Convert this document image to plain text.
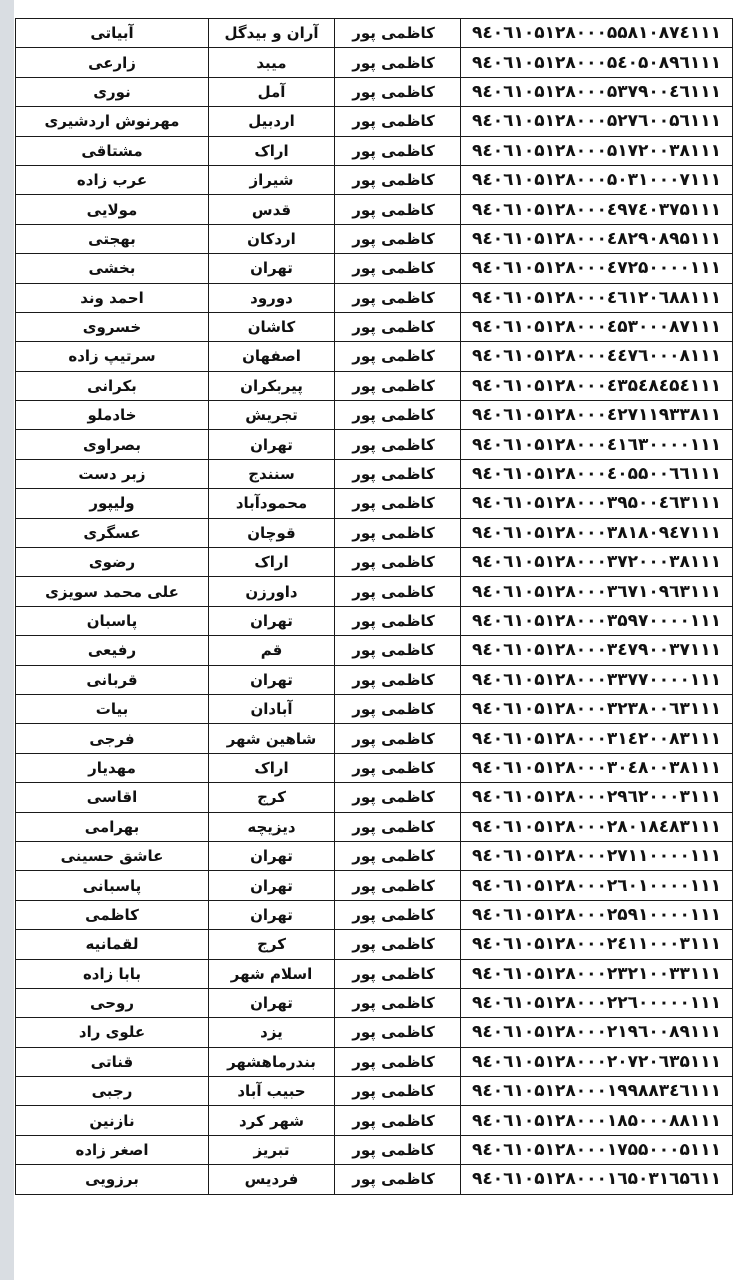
۹٤۰٦۱۰۵۱۲۸۰۰۰۵۵۸۱۰۸۷٤۱۱۱	کاظمی پور	آران و بیدگل	آبیاتی
۹٤۰٦۱۰۵۱۲۸۰۰۰۵٤۰۵۰۸۹٦۱۱۱	کاظمی پور	میبد	زارعی
۹٤۰٦۱۰۵۱۲۸۰۰۰۵۳۷۹۰۰٤٦۱۱۱	کاظمی پور	آمل	نوری
۹٤۰٦۱۰۵۱۲۸۰۰۰۵۲۷٦۰۰۵٦۱۱۱	کاظمی پور	اردبیل	مهرنوش اردشیری
۹٤۰٦۱۰۵۱۲۸۰۰۰۵۱۷۲۰۰۳۸۱۱۱	کاظمی پور	اراک	مشتاقی
۹٤۰٦۱۰۵۱۲۸۰۰۰۵۰۳۱۰۰۰۷۱۱۱	کاظمی پور	شیراز	عرب زاده
۹٤۰٦۱۰۵۱۲۸۰۰۰٤۹۷٤۰۳۷۵۱۱۱	کاظمی پور	قدس	مولایی
۹٤۰٦۱۰۵۱۲۸۰۰۰٤۸۲۹۰۸۹۵۱۱۱	کاظمی پور	اردکان	بهجتی
۹٤۰٦۱۰۵۱۲۸۰۰۰٤۷۲۵۰۰۰۰۱۱۱	کاظمی پور	تهران	بخشی
۹٤۰٦۱۰۵۱۲۸۰۰۰٤٦۱۲۰٦۸۸۱۱۱	کاظمی پور	دورود	احمد وند
۹٤۰٦۱۰۵۱۲۸۰۰۰٤۵۳۰۰۰۸۷۱۱۱	کاظمی پور	کاشان	خسروی
۹٤۰٦۱۰۵۱۲۸۰۰۰٤٤۷٦۰۰۰۸۱۱۱	کاظمی پور	اصفهان	سرتیپ زاده
۹٤۰٦۱۰۵۱۲۸۰۰۰٤۳۵٤۸٤۵٤۱۱۱	کاظمی پور	پیربکران	بکرانی
۹٤۰٦۱۰۵۱۲۸۰۰۰٤۲۷۱۱۹۳۳۸۱۱	کاظمی پور	تجریش	خادملو
۹٤۰٦۱۰۵۱۲۸۰۰۰٤۱٦۳۰۰۰۰۱۱۱	کاظمی پور	تهران	بصراوی
۹٤۰٦۱۰۵۱۲۸۰۰۰٤۰۵۵۰۰٦٦۱۱۱	کاظمی پور	سنندج	زبر دست
۹٤۰٦۱۰۵۱۲۸۰۰۰۳۹۵۰۰٤٦۳۱۱۱	کاظمی پور	محمودآباد	ولیپور
۹٤۰٦۱۰۵۱۲۸۰۰۰۳۸۱۸۰۹٤۷۱۱۱	کاظمی پور	قوچان	عسگری
۹٤۰٦۱۰۵۱۲۸۰۰۰۳۷۲۰۰۰۳۸۱۱۱	کاظمی پور	اراک	رضوی
۹٤۰٦۱۰۵۱۲۸۰۰۰۳٦۷۱۰۹٦۳۱۱۱	کاظمی پور	داورزن	علی محمد سویزی
۹٤۰٦۱۰۵۱۲۸۰۰۰۳۵۹۷۰۰۰۰۱۱۱	کاظمی پور	تهران	پاسبان
۹٤۰٦۱۰۵۱۲۸۰۰۰۳٤۷۹۰۰۳۷۱۱۱	کاظمی پور	قم	رفیعی
۹٤۰٦۱۰۵۱۲۸۰۰۰۳۳۷۷۰۰۰۰۱۱۱	کاظمی پور	تهران	قربانی
۹٤۰٦۱۰۵۱۲۸۰۰۰۳۲۳۸۰۰٦۳۱۱۱	کاظمی پور	آبادان	بیات
۹٤۰٦۱۰۵۱۲۸۰۰۰۳۱٤۲۰۰۸۳۱۱۱	کاظمی پور	شاهین شهر	فرجی
۹٤۰٦۱۰۵۱۲۸۰۰۰۳۰٤۸۰۰۳۸۱۱۱	کاظمی پور	اراک	مهدیار
۹٤۰٦۱۰۵۱۲۸۰۰۰۲۹٦۲۰۰۰۳۱۱۱	کاظمی پور	کرج	اقاسی
۹٤۰٦۱۰۵۱۲۸۰۰۰۲۸۰۱۸٤۸۳۱۱۱	کاظمی پور	دیزیچه	بهرامی
۹٤۰٦۱۰۵۱۲۸۰۰۰۲۷۱۱۰۰۰۰۱۱۱	کاظمی پور	تهران	عاشق حسینی
۹٤۰٦۱۰۵۱۲۸۰۰۰۲٦۰۱۰۰۰۰۱۱۱	کاظمی پور	تهران	پاسبانی
۹٤۰٦۱۰۵۱۲۸۰۰۰۲۵۹۱۰۰۰۰۱۱۱	کاظمی پور	تهران	کاظمی
۹٤۰٦۱۰۵۱۲۸۰۰۰۲٤۱۱۰۰۰۳۱۱۱	کاظمی پور	کرج	لقمانیه
۹٤۰٦۱۰۵۱۲۸۰۰۰۲۳۲۱۰۰۳۳۱۱۱	کاظمی پور	اسلام شهر	بابا زاده
۹٤۰٦۱۰۵۱۲۸۰۰۰۲۲٦۰۰۰۰۰۱۱۱	کاظمی پور	تهران	روحی
۹٤۰٦۱۰۵۱۲۸۰۰۰۲۱۹٦۰۰۸۹۱۱۱	کاظمی پور	یزد	علوی راد
۹٤۰٦۱۰۵۱۲۸۰۰۰۲۰۷۲۰٦۳۵۱۱۱	کاظمی پور	بندرماهشهر	قناتی
۹٤۰٦۱۰۵۱۲۸۰۰۰۱۹۹۸۸۳٤٦۱۱۱	کاظمی پور	حبیب آباد	رجبی
۹٤۰٦۱۰۵۱۲۸۰۰۰۱۸۵۰۰۰۸۸۱۱۱	کاظمی پور	شهر کرد	نازنین
۹٤۰٦۱۰۵۱۲۸۰۰۰۱۷۵۵۰۰۰۵۱۱۱	کاظمی پور	تبریز	اصغر زاده
۹٤۰٦۱۰۵۱۲۸۰۰۰۱٦۵۰۳۱٦۵٦۱۱	کاظمی پور	فردیس	برزویی
